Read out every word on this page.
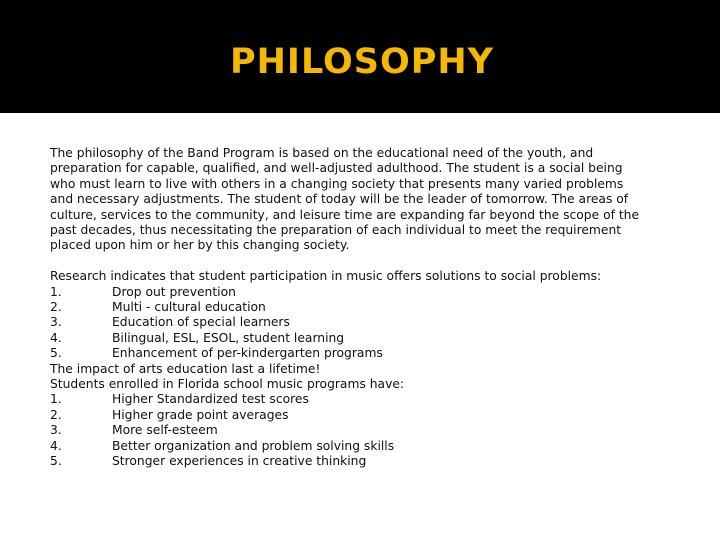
PHILOSOPHY
The philosophy of the Band Program is based on the educational need of the youth, and
preparation for capable, qualified, and well-adjusted adulthood. The student is a social being
who must learn to live with others in a changing society that presents many varied problems
and necessary adjustments. The student of today will be the leader of tomorrow. The areas of
culture, services to the community, and leisure time are expanding far beyond the scope of the
past decades, thus necessitating the preparation of each individual to meet the requirement
placed upon him or her by this changing society.
Research indicates that student participation in music offers solutions to social problems:
1.	Drop out prevention
2.	Multi - cultural education
3.	Education of special learners
4.	Bilingual, ESL, ESOL, student learning
5.	Enhancement of per-kindergarten programs
The impact of arts education last a lifetime!
Students enrolled in Florida school music programs have:
1.	Higher Standardized test scores
2.	Higher grade point averages
3.	More self-esteem
4.	Better organization and problem solving skills
5.	Stronger experiences in creative thinking
